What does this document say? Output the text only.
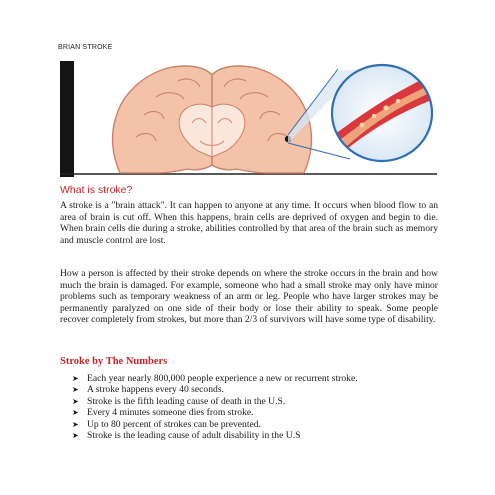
BRIAN STROKE
What is stroke?

A stroke is a "brain attack". It can happen to anyone at any time. It occurs when blood flow to an area of brain is cut off. When this happens, brain cells are deprived of oxygen and begin to die. When brain cells die during a stroke, abilities controlled by that area of the brain such as memory and muscle control are lost.

How a person is affected by their stroke depends on where the stroke occurs in the brain and how much the brain is damaged. For example, someone who had a small stroke may only have minor problems such as temporary weakness of an arm or leg. People who have larger strokes may be permanently paralyzed on one side of their body or lose their ability to speak. Some people recover completely from strokes, but more than 2/3 of survivors will have some type of disability.

Stroke by The Numbers
➤ Each year nearly 800,000 people experience a new or recurrent stroke.
➤ A stroke happens every 40 seconds.
➤ Stroke is the fifth leading cause of death in the U.S.
➤ Every 4 minutes someone dies from stroke.
➤ Up to 80 percent of strokes can be prevented.
➤ Stroke is the leading cause of adult disability in the U.S
